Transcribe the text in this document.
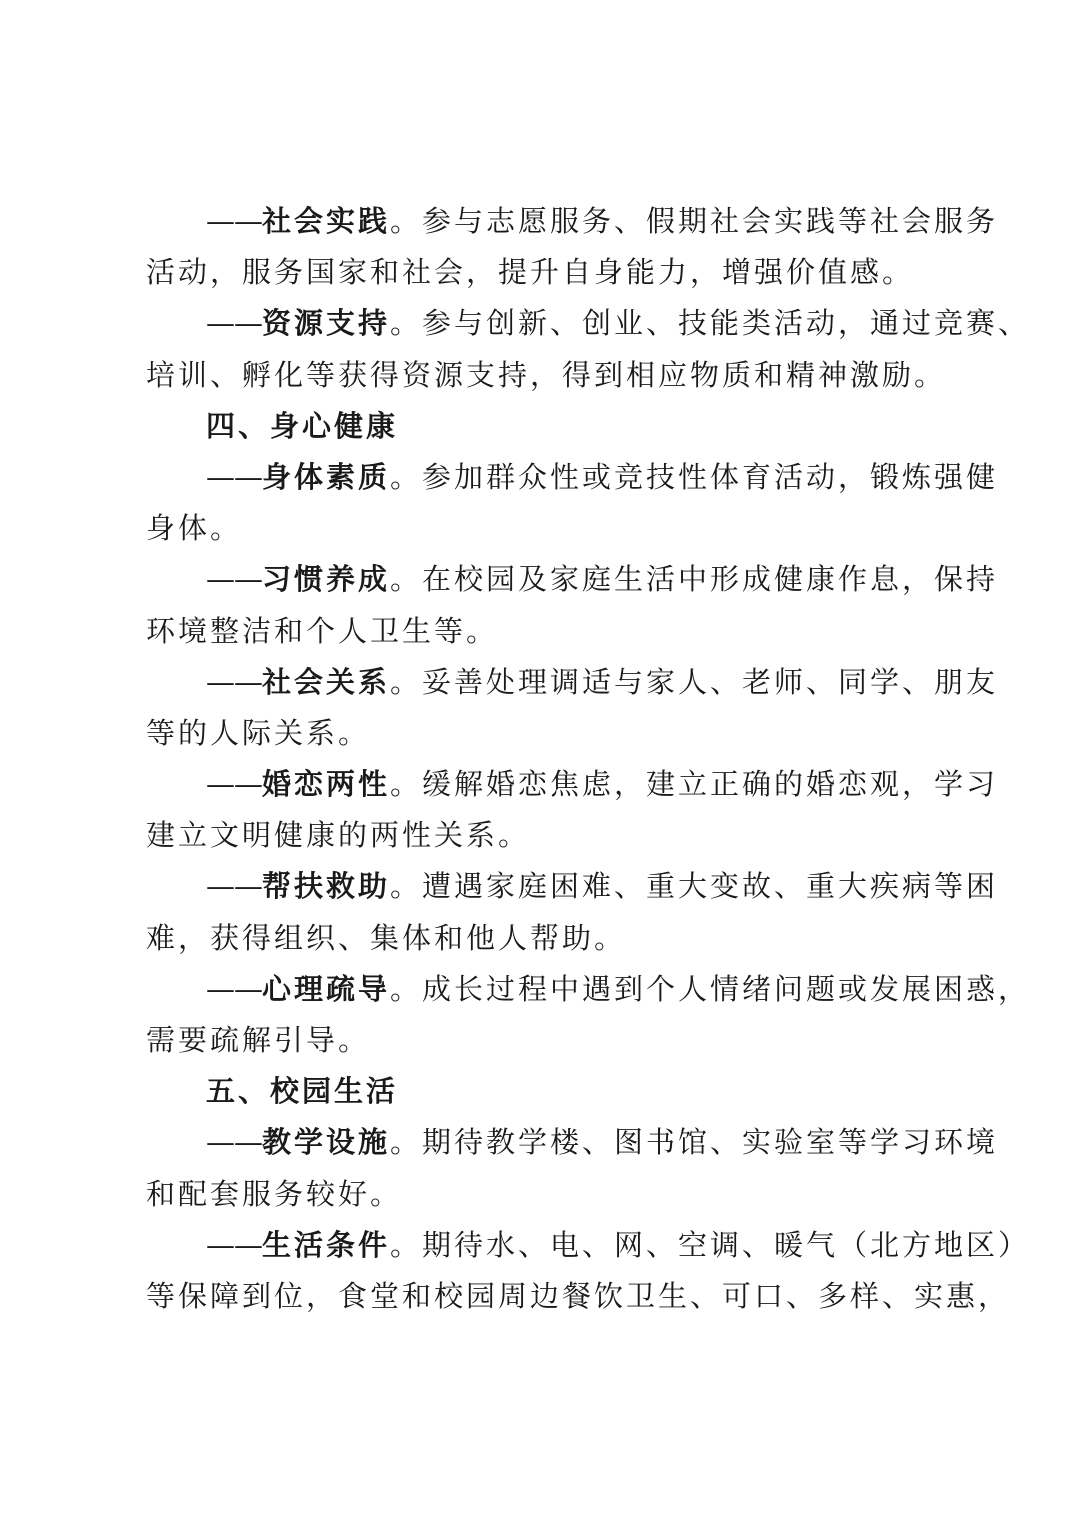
——社会实践。参与志愿服务、假期社会实践等社会服务
活动，服务国家和社会，提升自身能力，增强价值感。
——资源支持。参与创新、创业、技能类活动，通过竞赛、
培训、孵化等获得资源支持，得到相应物质和精神激励。
四、身心健康
——身体素质。参加群众性或竞技性体育活动，锻炼强健
身体。
——习惯养成。在校园及家庭生活中形成健康作息，保持
环境整洁和个人卫生等。
——社会关系。妥善处理调适与家人、老师、同学、朋友
等的人际关系。
——婚恋两性。缓解婚恋焦虑，建立正确的婚恋观，学习
建立文明健康的两性关系。
——帮扶救助。遭遇家庭困难、重大变故、重大疾病等困
难，获得组织、集体和他人帮助。
——心理疏导。成长过程中遇到个人情绪问题或发展困惑，
需要疏解引导。
五、校园生活
——教学设施。期待教学楼、图书馆、实验室等学习环境
和配套服务较好。
——生活条件。期待水、电、网、空调、暖气（北方地区）
等保障到位，食堂和校园周边餐饮卫生、可口、多样、实惠，
